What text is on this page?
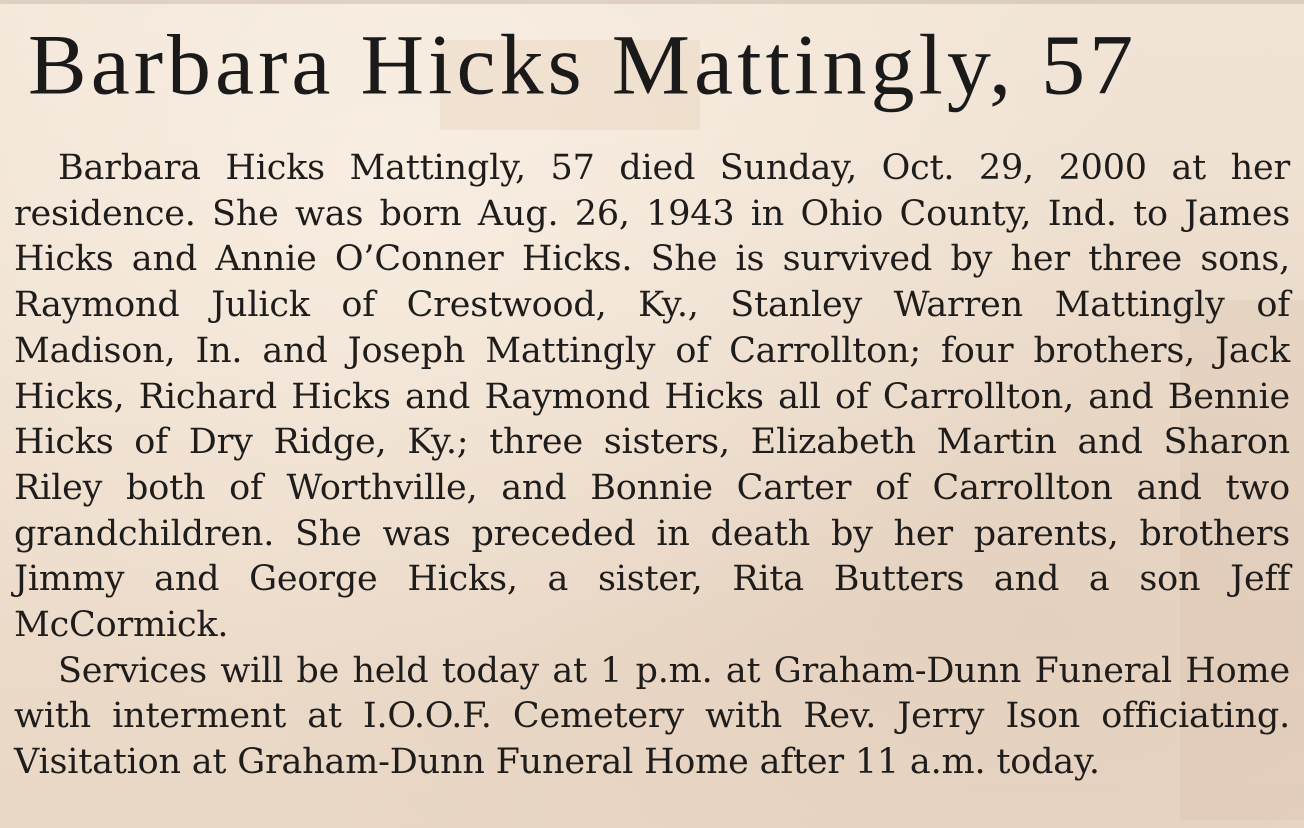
Barbara Hicks Mattingly, 57

Barbara Hicks Mattingly, 57 died Sunday, Oct. 29, 2000 at her residence. She was born Aug. 26, 1943 in Ohio County, Ind. to James Hicks and Annie O’Conner Hicks. She is survived by her three sons, Raymond Julick of Crestwood, Ky., Stanley Warren Mattingly of Madison, In. and Joseph Mattingly of Carrollton; four brothers, Jack Hicks, Richard Hicks and Raymond Hicks all of Carrollton, and Bennie Hicks of Dry Ridge, Ky.; three sisters, Elizabeth Martin and Sharon Riley both of Worthville, and Bonnie Carter of Carrollton and two grandchildren. She was preceded in death by her parents, brothers Jimmy and George Hicks, a sister, Rita Butters and a son Jeff McCormick.

Services will be held today at 1 p.m. at Graham-Dunn Funeral Home with interment at I.O.O.F. Cemetery with Rev. Jerry Ison officiating. Visitation at Graham-Dunn Funeral Home after 11 a.m. today.
